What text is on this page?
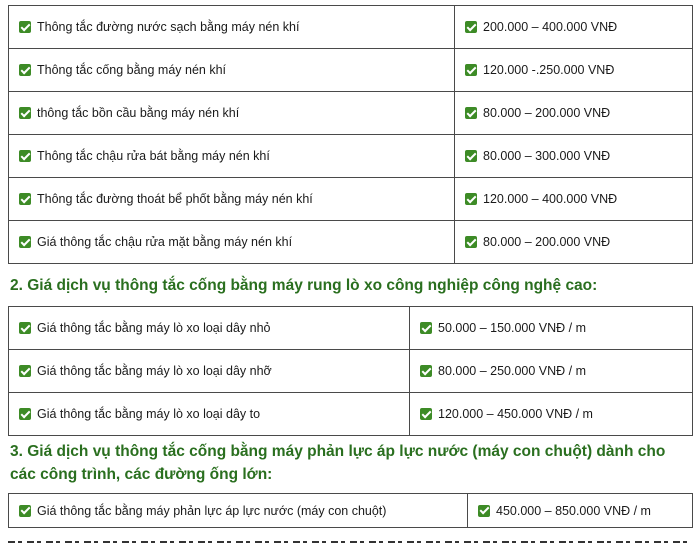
Thông tắc đường nước sạch bằng máy nén khí	200.000 – 400.000 VNĐ
Thông tắc cống bằng máy nén khí	120.000 -.250.000 VNĐ
thông tắc bồn cầu bằng máy nén khí	80.000 – 200.000 VNĐ
Thông tắc chậu rửa bát bằng máy nén khí	80.000 – 300.000 VNĐ
Thông tắc đường thoát bể phốt bằng máy nén khí	120.000 – 400.000 VNĐ
Giá thông tắc chậu rửa mặt bằng máy nén khí	80.000 – 200.000 VNĐ
2. Giá dịch vụ thông tắc cống bằng máy rung lò xo công nghiệp công nghệ cao:
Giá thông tắc bằng máy lò xo loại dây nhỏ	50.000 – 150.000 VNĐ / m
Giá thông tắc bằng máy lò xo loại dây nhỡ	80.000 – 250.000 VNĐ / m
Giá thông tắc bằng máy lò xo loại dây to	120.000 – 450.000 VNĐ / m
3. Giá dịch vụ thông tắc cống bằng máy phản lực áp lực nước (máy con chuột) dành cho các công trình, các đường ống lớn:
Giá thông tắc bằng máy phản lực áp lực nước (máy con chuột)	450.000 – 850.000 VNĐ / m
